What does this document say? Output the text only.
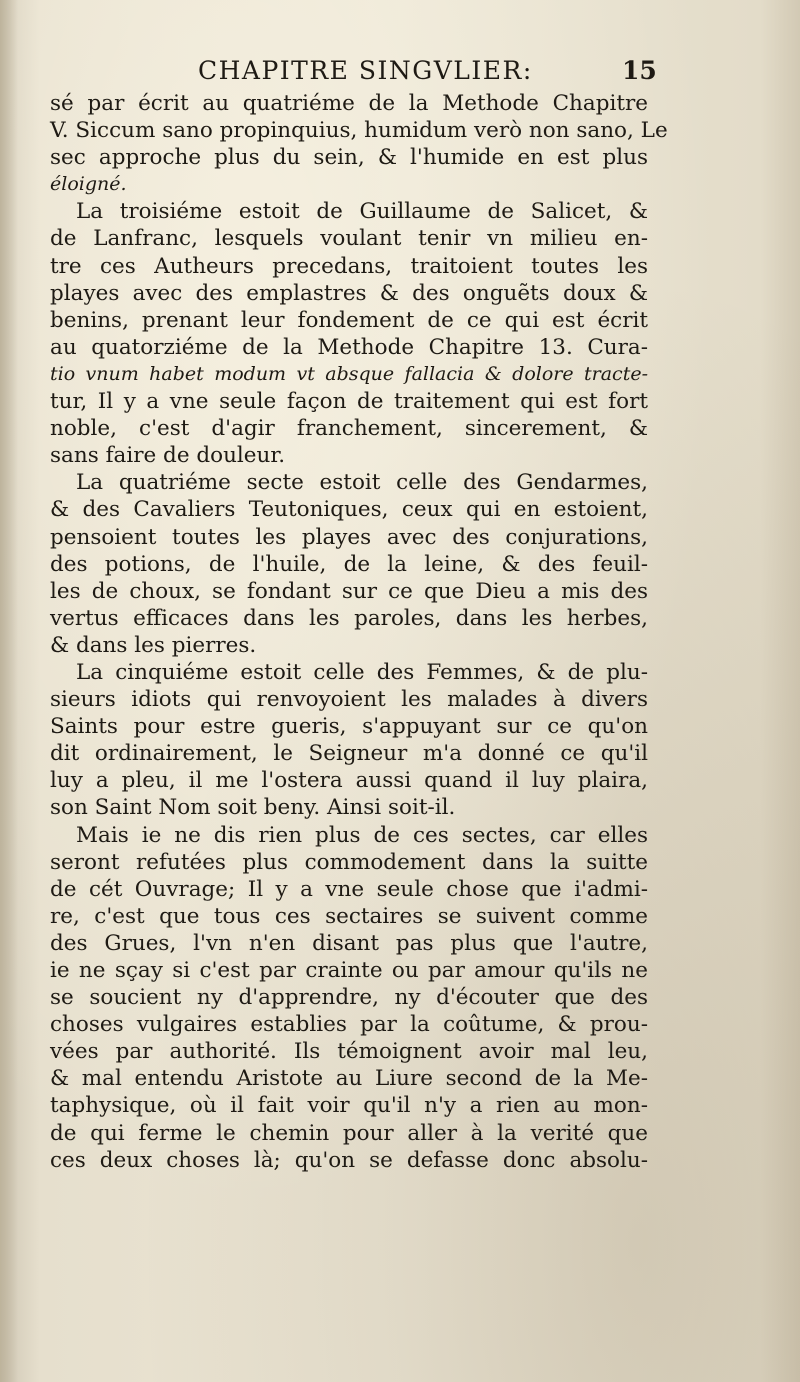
CHAPITRE SINGVLIER:	15
sé par écrit au quatriéme de la Methode Chapitre
V. Siccum sano propinquius, humidum verò non sano, Le
sec approche plus du sein, & l'humide en est plus
éloigné.
La troisiéme estoit de Guillaume de Salicet, &
de Lanfranc, lesquels voulant tenir vn milieu en-
tre ces Autheurs precedans, traitoient toutes les
playes avec des emplastres & des onguẽts doux &
benins, prenant leur fondement de ce qui est écrit
au quatorziéme de la Methode Chapitre 13. Cura-
tio vnum habet modum vt absque fallacia & dolore tracte-
tur, Il y a vne seule façon de traitement qui est fort
noble, c'est d'agir franchement, sincerement, &
sans faire de douleur.
La quatriéme secte estoit celle des Gendarmes,
& des Cavaliers Teutoniques, ceux qui en estoient,
pensoient toutes les playes avec des conjurations,
des potions, de l'huile, de la leine, & des feuil-
les de choux, se fondant sur ce que Dieu a mis des
vertus efficaces dans les paroles, dans les herbes,
& dans les pierres.
La cinquiéme estoit celle des Femmes, & de plu-
sieurs idiots qui renvoyoient les malades à divers
Saints pour estre gueris, s'appuyant sur ce qu'on
dit ordinairement, le Seigneur m'a donné ce qu'il
luy a pleu, il me l'ostera aussi quand il luy plaira,
son Saint Nom soit beny. Ainsi soit-il.
Mais ie ne dis rien plus de ces sectes, car elles
seront refutées plus commodement dans la suitte
de cét Ouvrage; Il y a vne seule chose que i'admi-
re, c'est que tous ces sectaires se suivent comme
des Grues, l'vn n'en disant pas plus que l'autre,
ie ne sçay si c'est par crainte ou par amour qu'ils ne
se soucient ny d'apprendre, ny d'écouter que des
choses vulgaires establies par la coûtume, & prou-
vées par authorité. Ils témoignent avoir mal leu,
& mal entendu Aristote au Liure second de la Me-
taphysique, où il fait voir qu'il n'y a rien au mon-
de qui ferme le chemin pour aller à la verité que
ces deux choses là; qu'on se defasse donc absolu-
